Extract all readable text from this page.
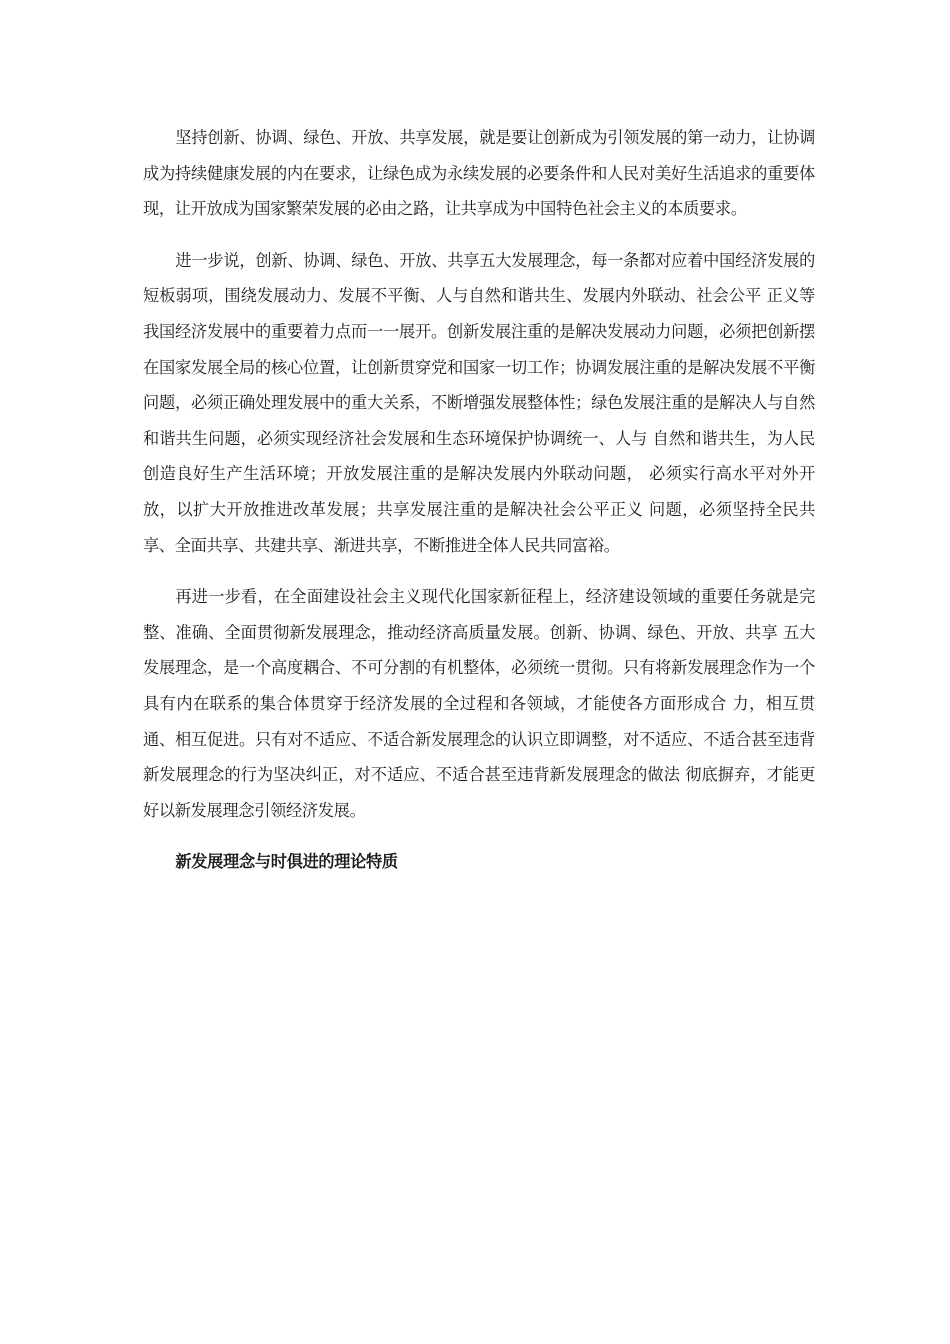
坚持创新、协调、绿色、开放、共享发展，就是要让创新成为引领发展的第一动力，让协调成为持续健康发展的内在要求，让绿色成为永续发展的必要条件和人民对美好生活追求的重要体现，让开放成为国家繁荣发展的必由之路，让共享成为中国特色社会主义的本质要求。

进一步说，创新、协调、绿色、开放、共享五大发展理念，每一条都对应着中国经济发展的短板弱项，围绕发展动力、发展不平衡、人与自然和谐共生、发展内外联动、社会公平 正义等我国经济发展中的重要着力点而一一展开。创新发展注重的是解决发展动力问题，必须把创新摆在国家发展全局的核心位置，让创新贯穿党和国家一切工作；协调发展注重的是解决发展不平衡问题，必须正确处理发展中的重大关系，不断增强发展整体性；绿色发展注重的是解决人与自然和谐共生问题，必须实现经济社会发展和生态环境保护协调统一、人与 自然和谐共生，为人民创造良好生产生活环境；开放发展注重的是解决发展内外联动问题， 必须实行高水平对外开放，以扩大开放推进改革发展；共享发展注重的是解决社会公平正义 问题，必须坚持全民共享、全面共享、共建共享、渐进共享，不断推进全体人民共同富裕。

再进一步看，在全面建设社会主义现代化国家新征程上，经济建设领域的重要任务就是完整、准确、全面贯彻新发展理念，推动经济高质量发展。创新、协调、绿色、开放、共享 五大发展理念，是一个高度耦合、不可分割的有机整体，必须统一贯彻。只有将新发展理念作为一个具有内在联系的集合体贯穿于经济发展的全过程和各领域，才能使各方面形成合 力，相互贯通、相互促进。只有对不适应、不适合新发展理念的认识立即调整，对不适应、不适合甚至违背新发展理念的行为坚决纠正，对不适应、不适合甚至违背新发展理念的做法 彻底摒弃，才能更好以新发展理念引领经济发展。

新发展理念与时俱进的理论特质
